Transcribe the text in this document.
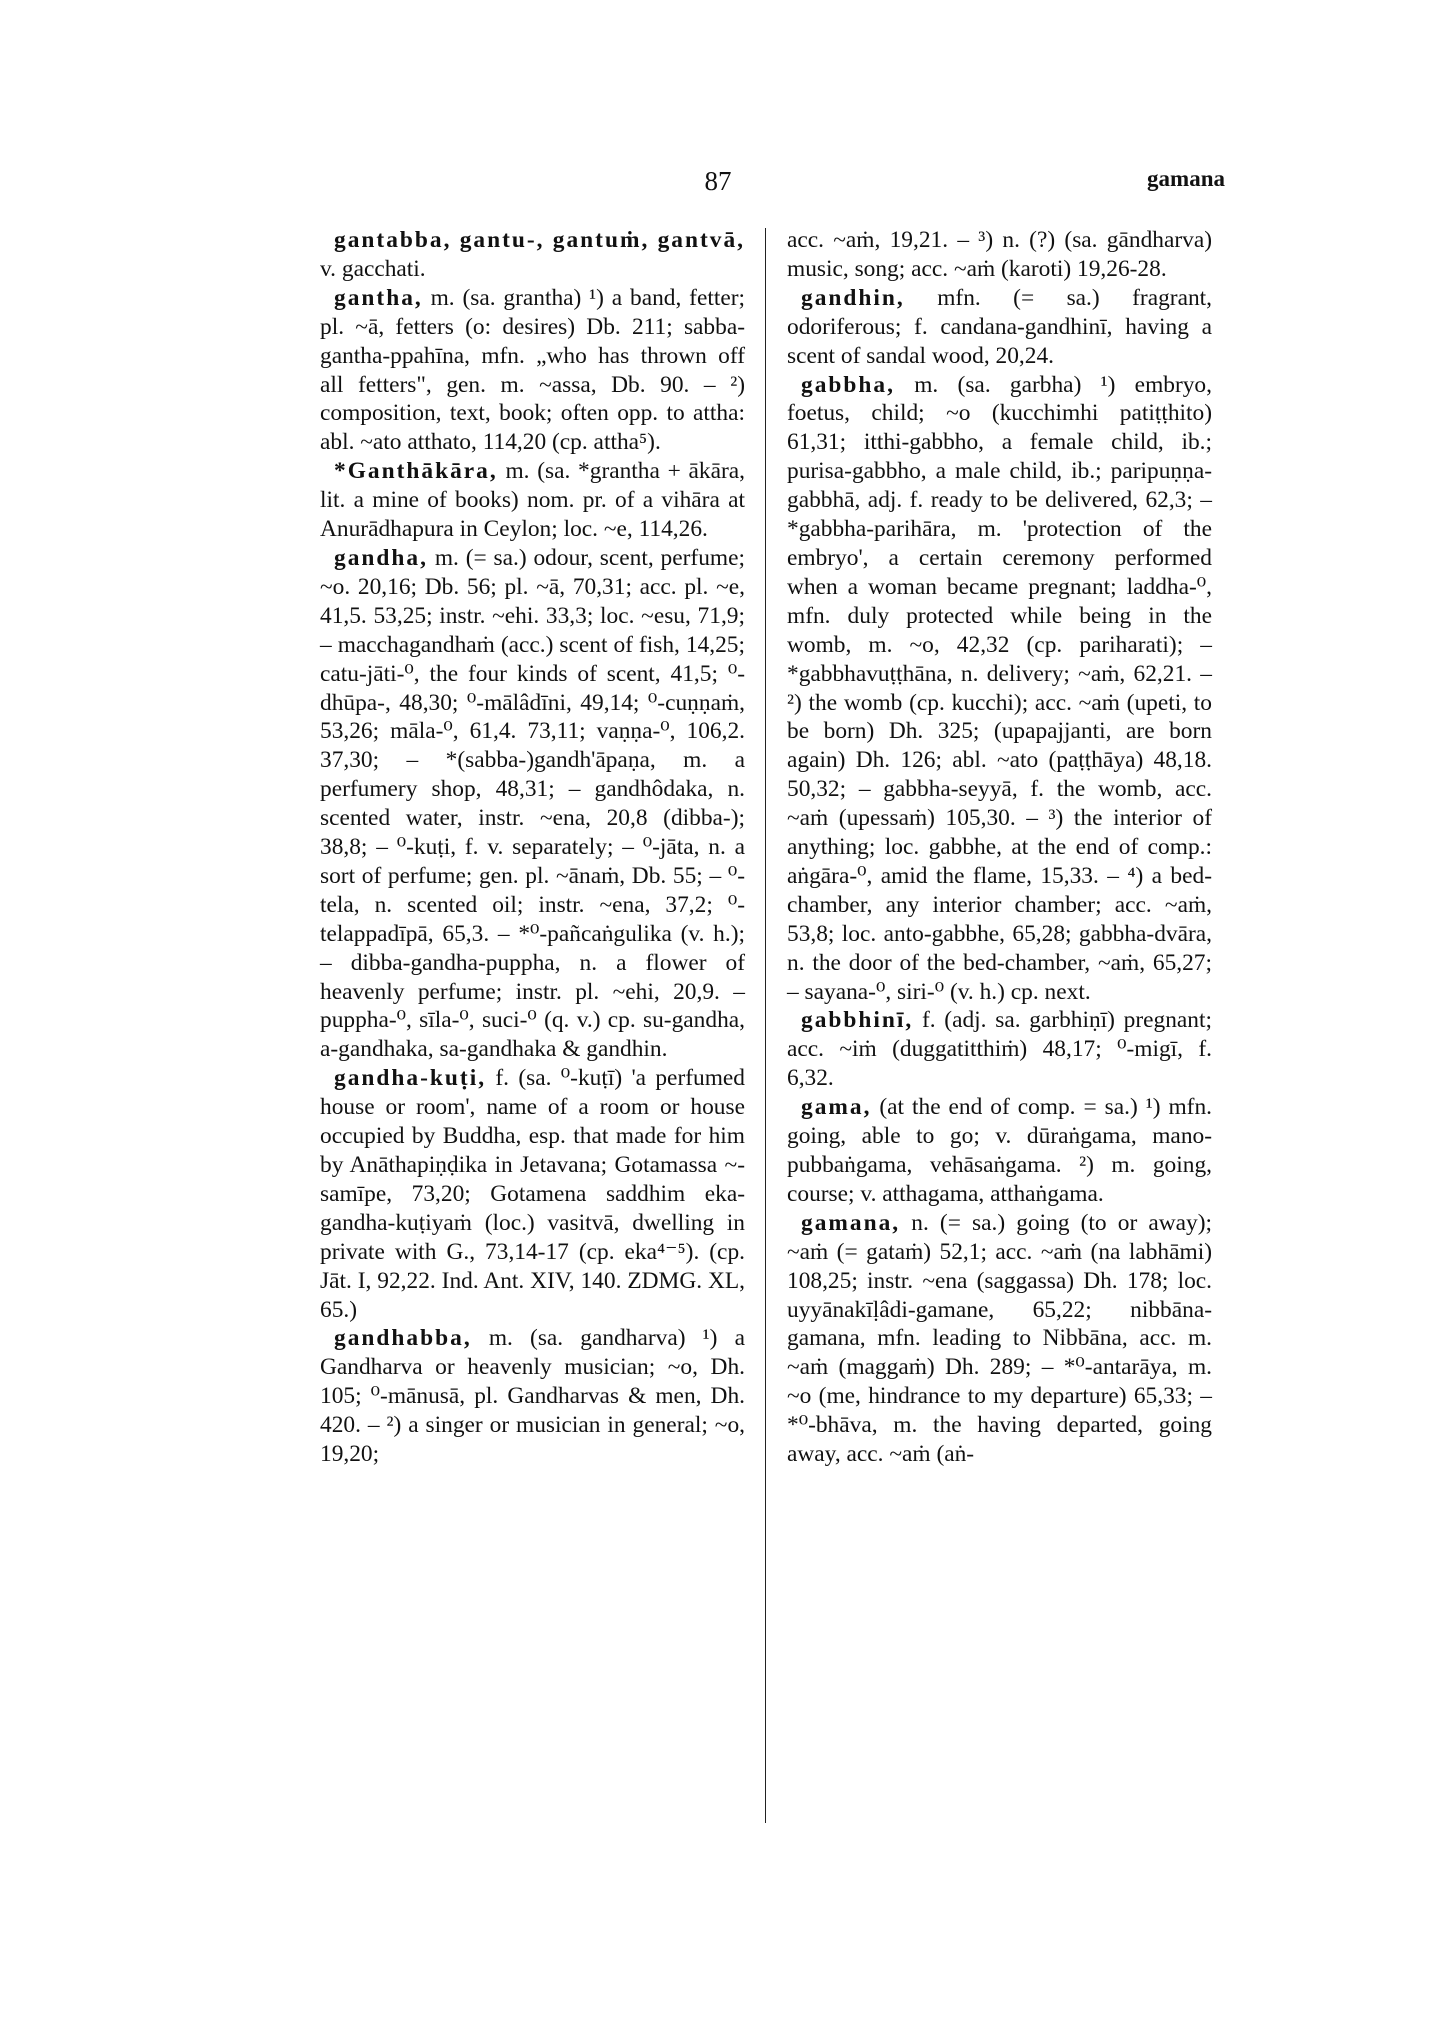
87	gamana

gantabba, gantu-, gantuṁ, gantvā, v. gacchati.

gantha, m. (sa. grantha) ¹) a band, fetter; pl. ~ā, fetters (o: desires) Db. 211; sabba-gantha-ppahīna, mfn. „who has thrown off all fetters", gen. m. ~assa, Db. 90. – ²) composition, text, book; often opp. to attha: abl. ~ato atthato, 114,20 (cp. attha⁵).

*Ganthākāra, m. (sa. *grantha + ākāra, lit. a mine of books) nom. pr. of a vihāra at Anurādhapura in Ceylon; loc. ~e, 114,26.

gandha, m. (= sa.) odour, scent, perfume; ~o. 20,16; Db. 56; pl. ~ā, 70,31; acc. pl. ~e, 41,5. 53,25; instr. ~ehi. 33,3; loc. ~esu, 71,9; – macchagandhaṁ (acc.) scent of fish, 14,25; catu-jāti-⁰, the four kinds of scent, 41,5; ⁰-dhūpa-, 48,30; ⁰-mālâdīni, 49,14; ⁰-cuṇṇaṁ, 53,26; māla-⁰, 61,4. 73,11; vaṇṇa-⁰, 106,2. 37,30; – *(sabba-)gandh'āpaṇa, m. a perfumery shop, 48,31; – gandhôdaka, n. scented water, instr. ~ena, 20,8 (dibba-); 38,8; – ⁰-kuṭi, f. v. separately; – ⁰-jāta, n. a sort of perfume; gen. pl. ~ānaṁ, Db. 55; – ⁰-tela, n. scented oil; instr. ~ena, 37,2; ⁰-telappadīpā, 65,3. – *⁰-pañcaṅgulika (v. h.); – dibba-gandha-puppha, n. a flower of heavenly perfume; instr. pl. ~ehi, 20,9. – puppha-⁰, sīla-⁰, suci-⁰ (q. v.) cp. su-gandha, a-gandhaka, sa-gandhaka & gandhin.

gandha-kuṭi, f. (sa. ⁰-kuṭī) 'a perfumed house or room', name of a room or house occupied by Buddha, esp. that made for him by Anāthapiṇḍika in Jetavana; Gotamassa ~-samīpe, 73,20; Gotamena saddhim eka-gandha-kuṭiyaṁ (loc.) vasitvā, dwelling in private with G., 73,14-17 (cp. eka⁴⁻⁵). (cp. Jāt. I, 92,22. Ind. Ant. XIV, 140. ZDMG. XL, 65.)

gandhabba, m. (sa. gandharva) ¹) a Gandharva or heavenly musician; ~o, Dh. 105; ⁰-mānusā, pl. Gandharvas & men, Dh. 420. – ²) a singer or musician in general; ~o, 19,20;

acc. ~aṁ, 19,21. – ³) n. (?) (sa. gāndharva) music, song; acc. ~aṁ (karoti) 19,26-28.

gandhin, mfn. (= sa.) fragrant, odoriferous; f. candana-gandhinī, having a scent of sandal wood, 20,24.

gabbha, m. (sa. garbha) ¹) embryo, foetus, child; ~o (kucchimhi patiṭṭhito) 61,31; itthi-gabbho, a female child, ib.; purisa-gabbho, a male child, ib.; paripuṇṇa-gabbhā, adj. f. ready to be delivered, 62,3; – *gabbha-parihāra, m. 'protection of the embryo', a certain ceremony performed when a woman became pregnant; laddha-⁰, mfn. duly protected while being in the womb, m. ~o, 42,32 (cp. pariharati); – *gabbhavuṭṭhāna, n. delivery; ~aṁ, 62,21. – ²) the womb (cp. kucchi); acc. ~aṁ (upeti, to be born) Dh. 325; (upapajjanti, are born again) Dh. 126; abl. ~ato (paṭṭhāya) 48,18. 50,32; – gabbha-seyyā, f. the womb, acc. ~aṁ (upessaṁ) 105,30. – ³) the interior of anything; loc. gabbhe, at the end of comp.: aṅgāra-⁰, amid the flame, 15,33. – ⁴) a bed-chamber, any interior chamber; acc. ~aṁ, 53,8; loc. anto-gabbhe, 65,28; gabbha-dvāra, n. the door of the bed-chamber, ~aṁ, 65,27; – sayana-⁰, siri-⁰ (v. h.) cp. next.

gabbhinī, f. (adj. sa. garbhiṇī) pregnant; acc. ~iṁ (duggatitthiṁ) 48,17; ⁰-migī, f. 6,32.

gama, (at the end of comp. = sa.) ¹) mfn. going, able to go; v. dūraṅgama, mano-pubbaṅgama, vehāsaṅgama. ²) m. going, course; v. atthagama, atthaṅgama.

gamana, n. (= sa.) going (to or away); ~aṁ (= gataṁ) 52,1; acc. ~aṁ (na labhāmi) 108,25; instr. ~ena (saggassa) Dh. 178; loc. uyyānakīḷâdi-gamane, 65,22; nibbāna-gamana, mfn. leading to Nibbāna, acc. m. ~aṁ (maggaṁ) Dh. 289; – *⁰-antarāya, m. ~o (me, hindrance to my departure) 65,33; – *⁰-bhāva, m. the having departed, going away, acc. ~aṁ (aṅ-
